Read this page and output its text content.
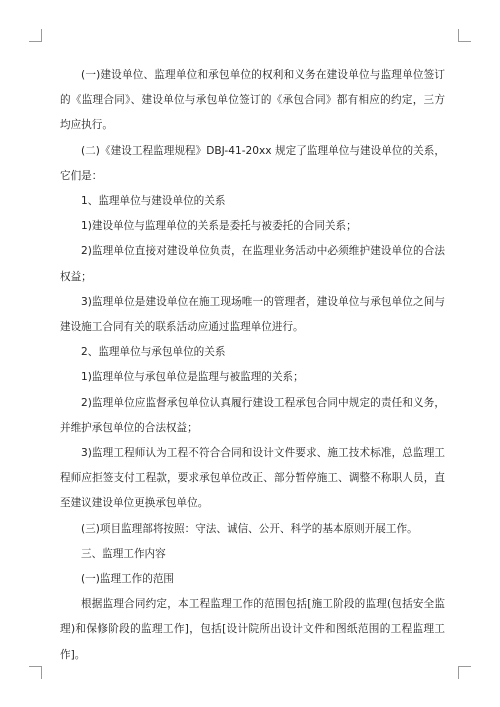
(一)建设单位、监理单位和承包单位的权利和义务在建设单位与监理单位签订的《监理合同》、建设单位与承包单位签订的《承包合同》都有相应的约定，三方均应执行。

(二)《建设工程监理规程》DBJ-41-20xx 规定了监理单位与建设单位的关系，它们是：

1、监理单位与建设单位的关系

1)建设单位与监理单位的关系是委托与被委托的合同关系；

2)监理单位直接对建设单位负责，在监理业务活动中必须维护建设单位的合法权益；

3)监理单位是建设单位在施工现场唯一的管理者，建设单位与承包单位之间与建设施工合同有关的联系活动应通过监理单位进行。

2、监理单位与承包单位的关系

1)监理单位与承包单位是监理与被监理的关系；

2)监理单位应监督承包单位认真履行建设工程承包合同中规定的责任和义务，并维护承包单位的合法权益；

3)监理工程师认为工程不符合合同和设计文件要求、施工技术标准，总监理工程师应拒签支付工程款，要求承包单位改正、部分暂停施工、调整不称职人员，直至建议建设单位更换承包单位。

(三)项目监理部将按照：守法、诚信、公开、科学的基本原则开展工作。

三、监理工作内容

(一)监理工作的范围

根据监理合同约定，本工程监理工作的范围包括[施工阶段的监理(包括安全监理)和保修阶段的监理工作]，包括[设计院所出设计文件和图纸范围的工程监理工作]。
